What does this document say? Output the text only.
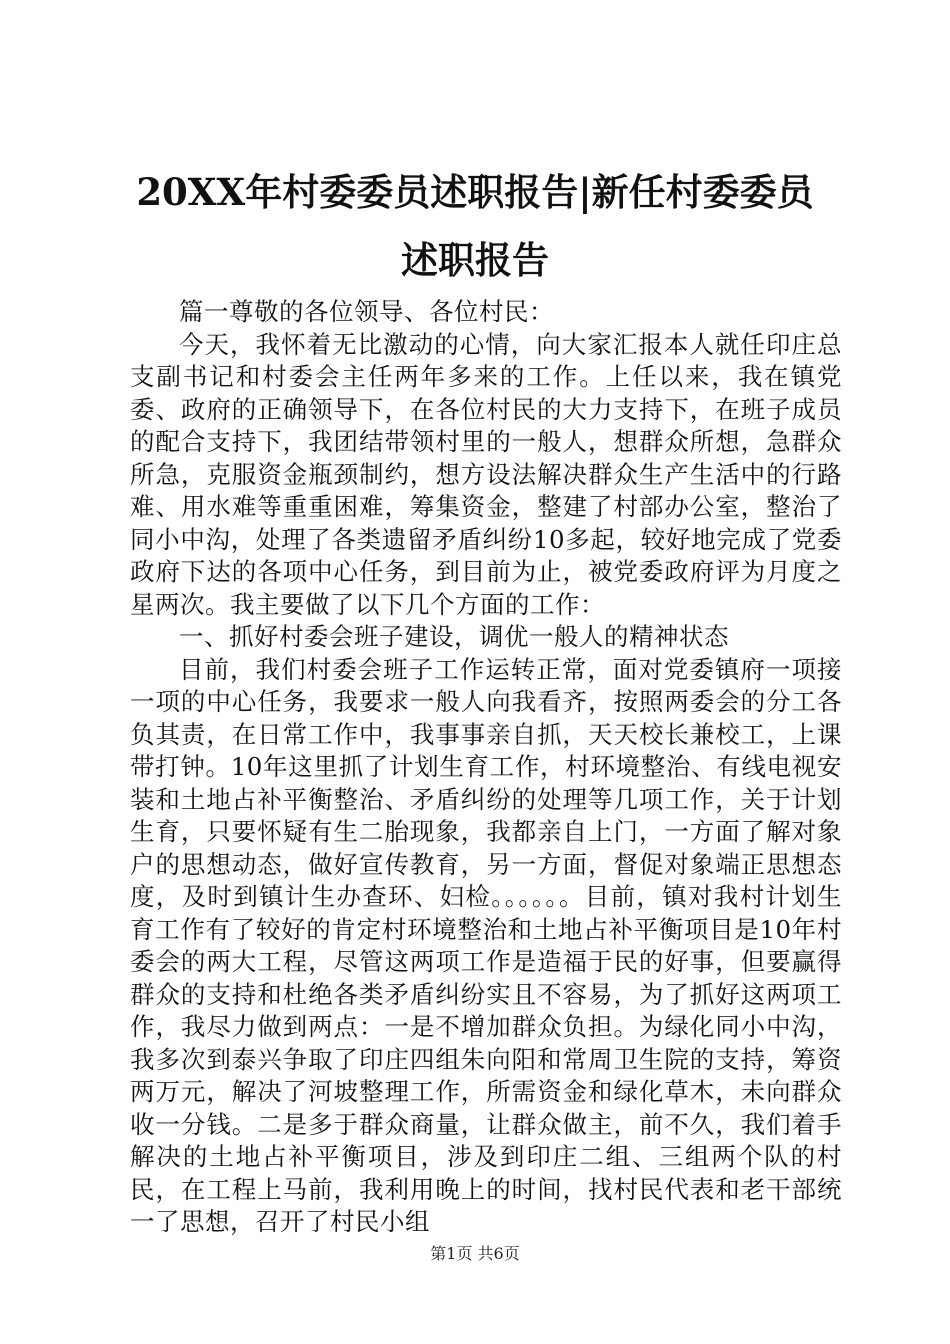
20XX年村委委员述职报告|新任村委委员述职报告

篇一尊敬的各位领导、各位村民：

今天，我怀着无比激动的心情，向大家汇报本人就任印庄总支副书记和村委会主任两年多来的工作。上任以来，我在镇党委、政府的正确领导下，在各位村民的大力支持下，在班子成员的配合支持下，我团结带领村里的一般人，想群众所想，急群众所急，克服资金瓶颈制约，想方设法解决群众生产生活中的行路难、用水难等重重困难，筹集资金，整建了村部办公室，整治了同小中沟，处理了各类遗留矛盾纠纷10多起，较好地完成了党委政府下达的各项中心任务，到目前为止，被党委政府评为月度之星两次。我主要做了以下几个方面的工作：

一、抓好村委会班子建设，调优一般人的精神状态

目前，我们村委会班子工作运转正常，面对党委镇府一项接一项的中心任务，我要求一般人向我看齐，按照两委会的分工各负其责，在日常工作中，我事事亲自抓，天天校长兼校工，上课带打钟。10年这里抓了计划生育工作，村环境整治、有线电视安装和土地占补平衡整治、矛盾纠纷的处理等几项工作，关于计划生育，只要怀疑有生二胎现象，我都亲自上门，一方面了解对象户的思想动态，做好宣传教育，另一方面，督促对象端正思想态度，及时到镇计生办查环、妇检。。。。。。目前，镇对我村计划生育工作有了较好的肯定村环境整治和土地占补平衡项目是10年村委会的两大工程，尽管这两项工作是造福于民的好事，但要赢得群众的支持和杜绝各类矛盾纠纷实且不容易，为了抓好这两项工作，我尽力做到两点：一是不增加群众负担。为绿化同小中沟，我多次到泰兴争取了印庄四组朱向阳和常周卫生院的支持，筹资两万元，解决了河坡整理工作，所需资金和绿化草木，未向群众收一分钱。二是多于群众商量，让群众做主，前不久，我们着手解决的土地占补平衡项目，涉及到印庄二组、三组两个队的村民，在工程上马前，我利用晚上的时间，找村民代表和老干部统一了思想，召开了村民小组

第1页 共6页
